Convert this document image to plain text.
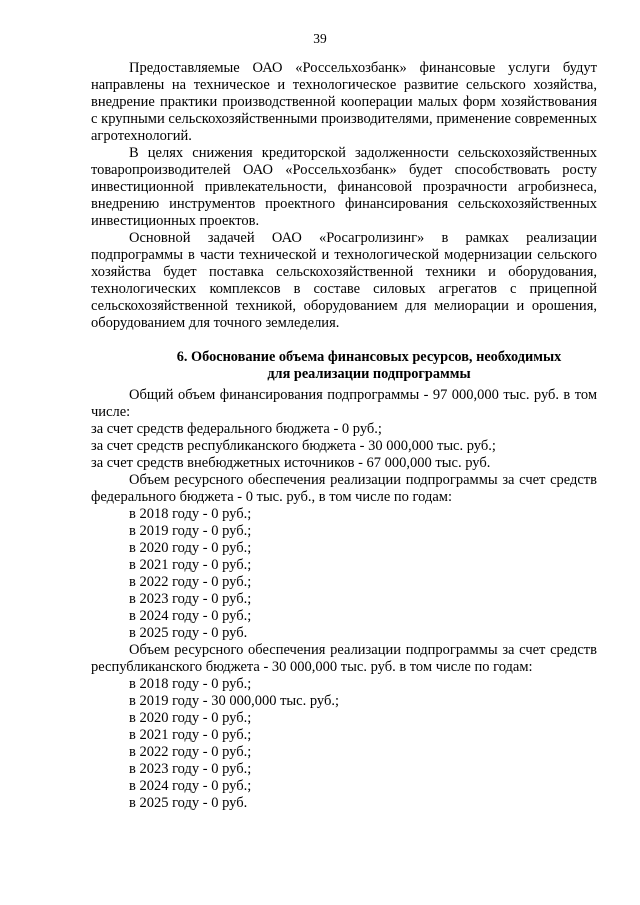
39

Предоставляемые ОАО «Россельхозбанк» финансовые услуги будут направлены на техническое и технологическое развитие сельского хозяйства, внедрение практики производственной кооперации малых форм хозяйствования с крупными сельскохозяйственными производителями, применение современных агротехнологий.

В целях снижения кредиторской задолженности сельскохозяйственных товаропроизводителей ОАО «Россельхозбанк» будет способствовать росту инвестиционной привлекательности, финансовой прозрачности агробизнеса, внедрению инструментов проектного финансирования сельскохозяйственных инвестиционных проектов.

Основной задачей ОАО «Росагролизинг» в рамках реализации подпрограммы в части технической и технологической модернизации сельского хозяйства будет поставка сельскохозяйственной техники и оборудования, технологических комплексов в составе силовых агрегатов с прицепной сельскохозяйственной техникой, оборудованием для мелиорации и орошения, оборудованием для точного земледелия.

6. Обоснование объема финансовых ресурсов, необходимых
для реализации подпрограммы

Общий объем финансирования подпрограммы - 97 000,000 тыс. руб. в том числе:

за счет средств федерального бюджета - 0 руб.;

за счет средств республиканского бюджета - 30 000,000 тыс. руб.;

за счет средств внебюджетных источников - 67 000,000 тыс. руб.

Объем ресурсного обеспечения реализации подпрограммы за счет средств федерального бюджета - 0 тыс. руб., в том числе по годам:

в 2018 году - 0 руб.;
в 2019 году - 0 руб.;
в 2020 году - 0 руб.;
в 2021 году - 0 руб.;
в 2022 году - 0 руб.;
в 2023 году - 0 руб.;
в 2024 году - 0 руб.;
в 2025 году - 0 руб.

Объем ресурсного обеспечения реализации подпрограммы за счет средств республиканского бюджета - 30 000,000 тыс. руб. в том числе по годам:

в 2018 году - 0 руб.;
в 2019 году - 30 000,000 тыс. руб.;
в 2020 году - 0 руб.;
в 2021 году - 0 руб.;
в 2022 году - 0 руб.;
в 2023 году - 0 руб.;
в 2024 году - 0 руб.;
в 2025 году - 0 руб.
